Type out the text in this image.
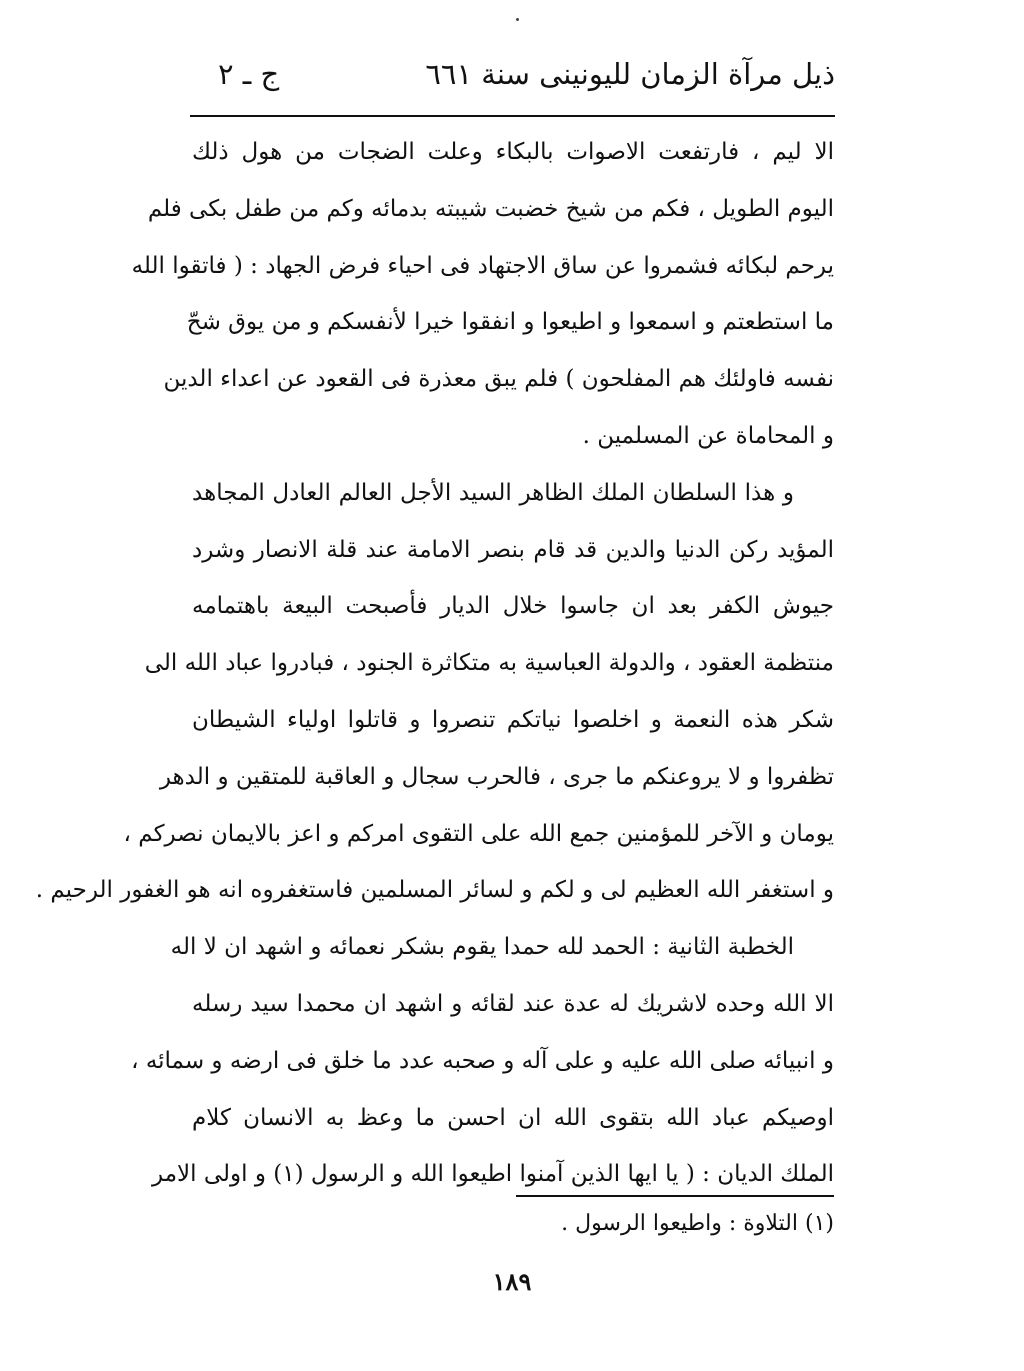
ذيل مرآة الزمان لليونينى سنة ٦٦١
ج ـ ٢
الا ليم ، فارتفعت الاصوات بالبكاء وعلت الضجات من هول ذلك
اليوم الطويل ، فكم من شيخ خضبت شيبته بدمائه وكم من طفل بكى فلم
يرحم لبكائه فشمروا عن ساق الاجتهاد فى احياء فرض الجهاد : ( فاتقوا الله
ما استطعتم و اسمعوا و اطيعوا و انفقوا خيرا لأنفسكم و من يوق شحّ
نفسه فاولئك هم المفلحون ) فلم يبق معذرة فى القعود عن اعداء الدين
و المحاماة عن المسلمين .
و هذا السلطان الملك الظاهر السيد الأجل العالم العادل المجاهد
المؤيد ركن الدنيا والدين قد قام بنصر الامامة عند قلة الانصار وشرد
جيوش الكفر بعد ان جاسوا خلال الديار فأصبحت البيعة باهتمامه
منتظمة العقود ، والدولة العباسية به متكاثرة الجنود ، فبادروا عباد الله الى
شكر هذه النعمة و اخلصوا نياتكم تنصروا و قاتلوا اولياء الشيطان
تظفروا و لا يروعنكم ما جرى ، فالحرب سجال و العاقبة للمتقين و الدهر
يومان و الآخر للمؤمنين جمع الله على التقوى امركم و اعز بالايمان نصركم ،
و استغفر الله العظيم لى و لكم و لسائر المسلمين فاستغفروه انه هو الغفور الرحيم .
الخطبة الثانية : الحمد لله حمدا يقوم بشكر نعمائه و اشهد ان لا اله
الا الله وحده لاشريك له عدة عند لقائه و اشهد ان محمدا سيد رسله
و انبيائه صلى الله عليه و على آله و صحبه عدد ما خلق فى ارضه و سمائه ،
اوصيكم عباد الله بتقوى الله ان احسن ما وعظ به الانسان كلام
الملك الديان : ( يا ايها الذين آمنوا اطيعوا الله و الرسول (١) و اولى الامر
(١) التلاوة : واطيعوا الرسول .
١٨٩
